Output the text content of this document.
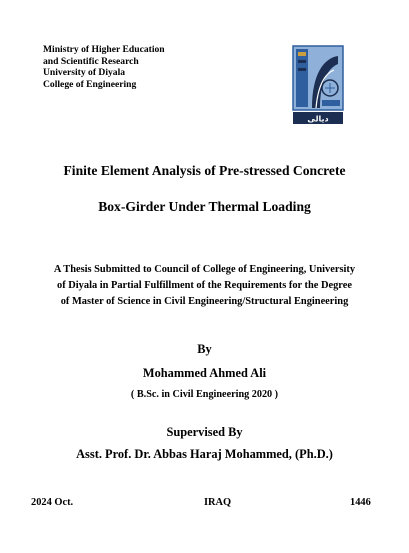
Ministry of Higher Education
and Scientific Research
University of Diyala
College of Engineering
ديالى
Finite Element Analysis of Pre-stressed Concrete
Box-Girder Under Thermal Loading
A Thesis Submitted to Council of College of Engineering, University
of Diyala in Partial Fulfillment of the Requirements for the Degree
of Master of Science in Civil Engineering/Structural Engineering
By
Mohammed Ahmed Ali
( B.Sc. in Civil Engineering 2020 )
Supervised By
Asst. Prof. Dr. Abbas Haraj Mohammed, (Ph.D.)
2024 Oct.	IRAQ	1446
